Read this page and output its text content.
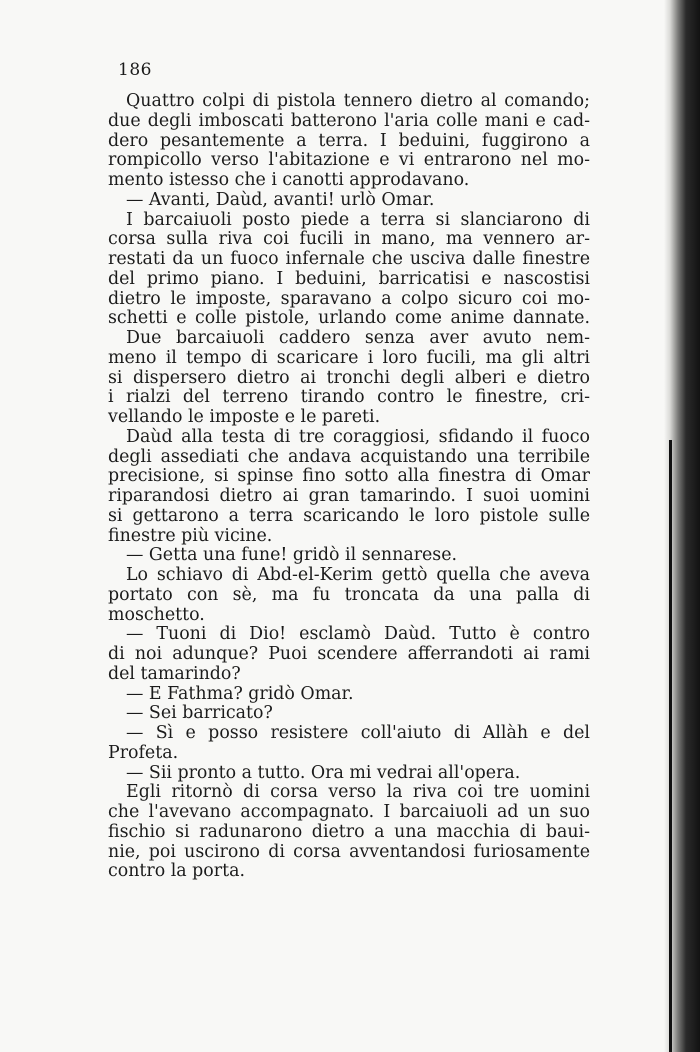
186
Quattro colpi di pistola tennero dietro al comando;
due degli imboscati batterono l'aria colle mani e cad-
dero pesantemente a terra. I beduini, fuggirono a
rompicollo verso l'abitazione e vi entrarono nel mo-
mento istesso che i canotti approdavano.
— Avanti, Daùd, avanti! urlò Omar.
I barcaiuoli posto piede a terra si slanciarono di
corsa sulla riva coi fucili in mano, ma vennero ar-
restati da un fuoco infernale che usciva dalle finestre
del primo piano. I beduini, barricatisi e nascostisi
dietro le imposte, sparavano a colpo sicuro coi mo-
schetti e colle pistole, urlando come anime dannate.
Due barcaiuoli caddero senza aver avuto nem-
meno il tempo di scaricare i loro fucili, ma gli altri
si dispersero dietro ai tronchi degli alberi e dietro
i rialzi del terreno tirando contro le finestre, cri-
vellando le imposte e le pareti.
Daùd alla testa di tre coraggiosi, sfidando il fuoco
degli assediati che andava acquistando una terribile
precisione, si spinse fino sotto alla finestra di Omar
riparandosi dietro ai gran tamarindo. I suoi uomini
si gettarono a terra scaricando le loro pistole sulle
finestre più vicine.
— Getta una fune! gridò il sennarese.
Lo schiavo di Abd-el-Kerim gettò quella che aveva
portato con sè, ma fu troncata da una palla di
moschetto.
— Tuoni di Dio! esclamò Daùd. Tutto è contro
di noi adunque? Puoi scendere afferrandoti ai rami
del tamarindo?
— E Fathma? gridò Omar.
— Sei barricato?
— Sì e posso resistere coll'aiuto di Allàh e del
Profeta.
— Sii pronto a tutto. Ora mi vedrai all'opera.
Egli ritornò di corsa verso la riva coi tre uomini
che l'avevano accompagnato. I barcaiuoli ad un suo
fischio si radunarono dietro a una macchia di baui-
nie, poi uscirono di corsa avventandosi furiosamente
contro la porta.
